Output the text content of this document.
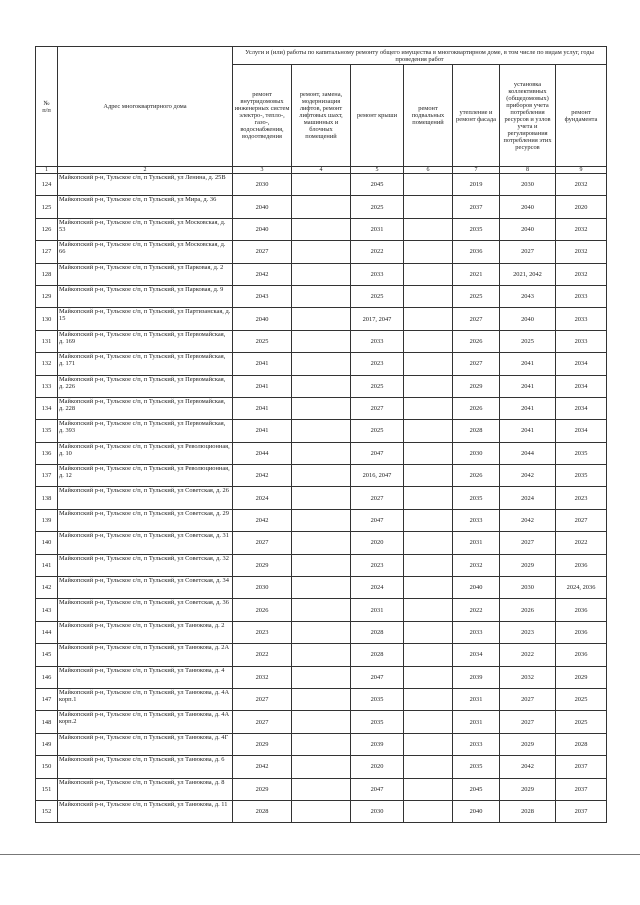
№
п/п	Адрес многоквартирного дома	Услуги и (или) работы по капитальному ремонту общего имущества в многоквартирном доме, в том числе по видам услуг, годы проведения работ						
		ремонт внутридомовых инженерных систем электро-, тепло-, газо-, водоснабжения, водоотведения	ремонт, замена, модернизация лифтов, ремонт лифтовых шахт, машинных и блочных помещений	ремонт крыши	ремонт подвальных помещений	утепление и ремонт фасада	установка коллективных (общедомовых) приборов учета потребления ресурсов и узлов учета и регулирования потребления этих ресурсов	ремонт фундамента
1	2	3	4	5	6	7	8	9
124	Майкопский р-н, Тульское с/п, п Тульский, ул Ленина, д. 25В	2030		2045		2019	2030	2032
125	Майкопский р-н, Тульское с/п, п Тульский, ул Мира, д. 36	2040		2025		2037	2040	2020
126	Майкопский р-н, Тульское с/п, п Тульский, ул Московская, д. 53	2040		2031		2035	2040	2032
127	Майкопский р-н, Тульское с/п, п Тульский, ул Московская, д. 66	2027		2022		2036	2027	2032
128	Майкопский р-н, Тульское с/п, п Тульский, ул Парковая, д. 2	2042		2033		2021	2021, 2042	2032
129	Майкопский р-н, Тульское с/п, п Тульский, ул Парковая, д. 9	2043		2025		2025	2043	2033
130	Майкопский р-н, Тульское с/п, п Тульский, ул Партизанская, д. 15	2040		2017, 2047		2027	2040	2033
131	Майкопский р-н, Тульское с/п, п Тульский, ул Первомайская, д. 169	2025		2033		2026	2025	2033
132	Майкопский р-н, Тульское с/п, п Тульский, ул Первомайская, д. 171	2041		2023		2027	2041	2034
133	Майкопский р-н, Тульское с/п, п Тульский, ул Первомайская, д. 226	2041		2025		2029	2041	2034
134	Майкопский р-н, Тульское с/п, п Тульский, ул Первомайская, д. 228	2041		2027		2026	2041	2034
135	Майкопский р-н, Тульское с/п, п Тульский, ул Первомайская, д. 393	2041		2025		2028	2041	2034
136	Майкопский р-н, Тульское с/п, п Тульский, ул Революционная, д. 10	2044		2047		2030	2044	2035
137	Майкопский р-н, Тульское с/п, п Тульский, ул Революционная, д. 12	2042		2016, 2047		2026	2042	2035
138	Майкопский р-н, Тульское с/п, п Тульский, ул Советская, д. 26	2024		2027		2035	2024	2023
139	Майкопский р-н, Тульское с/п, п Тульский, ул Советская, д. 29	2042		2047		2033	2042	2027
140	Майкопский р-н, Тульское с/п, п Тульский, ул Советская, д. 31	2027		2020		2031	2027	2022
141	Майкопский р-н, Тульское с/п, п Тульский, ул Советская, д. 32	2029		2023		2032	2029	2036
142	Майкопский р-н, Тульское с/п, п Тульский, ул Советская, д. 34	2030		2024		2040	2030	2024, 2036
143	Майкопский р-н, Тульское с/п, п Тульский, ул Советская, д. 36	2026		2031		2022	2026	2036
144	Майкопский р-н, Тульское с/п, п Тульский, ул Танюкова, д. 2	2023		2028		2033	2023	2036
145	Майкопский р-н, Тульское с/п, п Тульский, ул Танюкова, д. 2А	2022		2028		2034	2022	2036
146	Майкопский р-н, Тульское с/п, п Тульский, ул Танюкова, д. 4	2032		2047		2039	2032	2029
147	Майкопский р-н, Тульское с/п, п Тульский, ул Танюкова, д. 4А корп.1	2027		2035		2031	2027	2025
148	Майкопский р-н, Тульское с/п, п Тульский, ул Танюкова, д. 4А корп.2	2027		2035		2031	2027	2025
149	Майкопский р-н, Тульское с/п, п Тульский, ул Танюкова, д. 4Г	2029		2039		2033	2029	2028
150	Майкопский р-н, Тульское с/п, п Тульский, ул Танюкова, д. 6	2042		2020		2035	2042	2037
151	Майкопский р-н, Тульское с/п, п Тульский, ул Танюкова, д. 8	2029		2047		2045	2029	2037
152	Майкопский р-н, Тульское с/п, п Тульский, ул Танюкова, д. 11	2028		2030		2040	2028	2037
